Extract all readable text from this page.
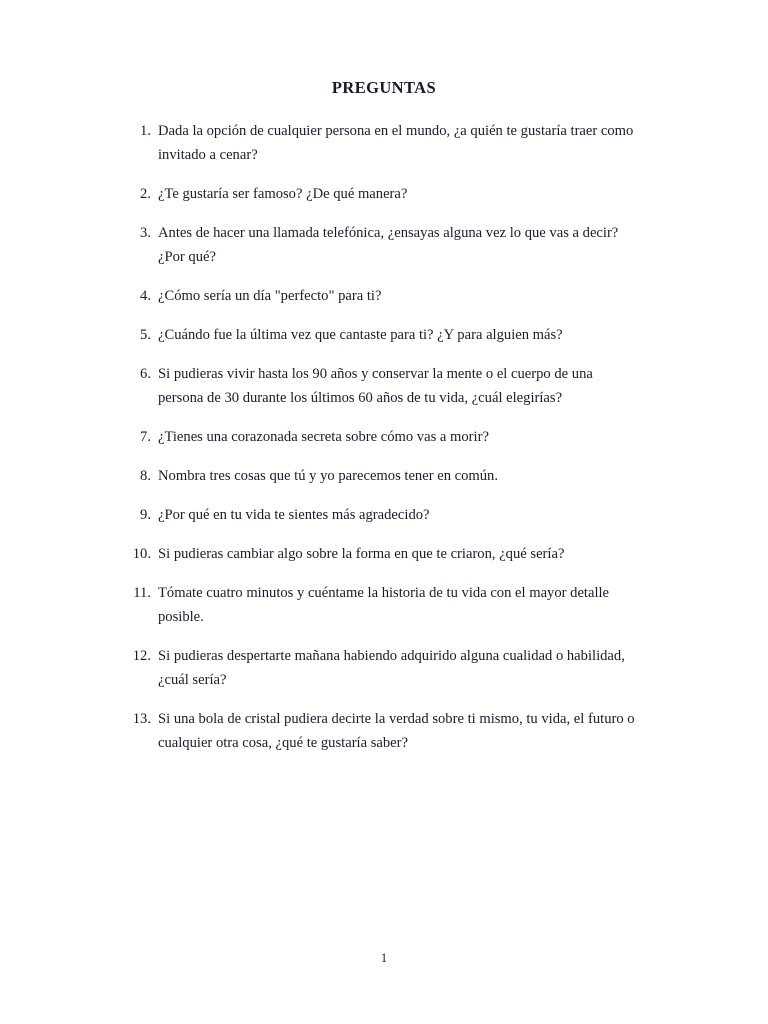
PREGUNTAS
1. Dada la opción de cualquier persona en el mundo, ¿a quién te gustaría traer como invitado a cenar?
2. ¿Te gustaría ser famoso? ¿De qué manera?
3. Antes de hacer una llamada telefónica, ¿ensayas alguna vez lo que vas a decir? ¿Por qué?
4. ¿Cómo sería un día "perfecto" para ti?
5. ¿Cuándo fue la última vez que cantaste para ti? ¿Y para alguien más?
6. Si pudieras vivir hasta los 90 años y conservar la mente o el cuerpo de una persona de 30 durante los últimos 60 años de tu vida, ¿cuál elegirías?
7. ¿Tienes una corazonada secreta sobre cómo vas a morir?
8. Nombra tres cosas que tú y yo parecemos tener en común.
9. ¿Por qué en tu vida te sientes más agradecido?
10. Si pudieras cambiar algo sobre la forma en que te criaron, ¿qué sería?
11. Tómate cuatro minutos y cuéntame la historia de tu vida con el mayor detalle posible.
12. Si pudieras despertarte mañana habiendo adquirido alguna cualidad o habilidad, ¿cuál sería?
13. Si una bola de cristal pudiera decirte la verdad sobre ti mismo, tu vida, el futuro o cualquier otra cosa, ¿qué te gustaría saber?
1
